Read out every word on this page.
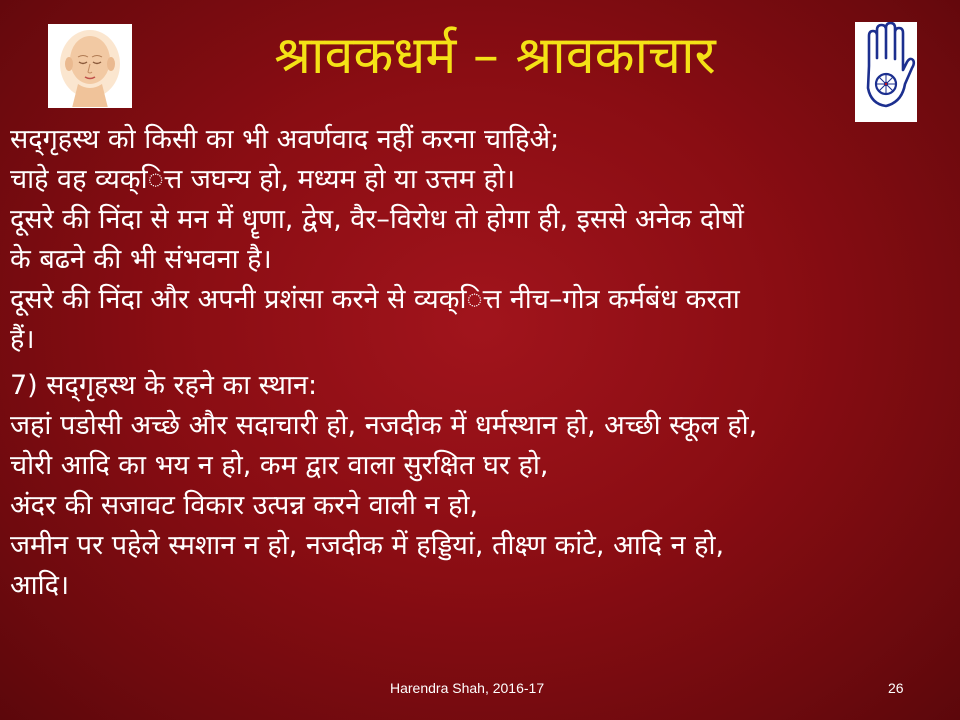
श्रावकधर्म – श्रावकाचार
सद्‌गृहस्थ को किसी का भी अवर्णवाद नहीं करना चाहिअे;
चाहे वह व्यक्ित्त जघन्य हो, मध्यम हो या उत्तम हो।
दूसरे की निंदा से मन में धॄणा, द्वेष, वैर–विरोध तो होगा ही, इससे अनेक दोषों
के बढने की भी संभवना है।
दूसरे की निंदा और अपनी प्रशंसा करने से व्यक्ित्त नीच–गोत्र कर्मबंध करता
हैं।
7) सद्‌गृहस्थ के रहने का स्थान:
जहां पडोसी अच्छे और सदाचारी हो, नजदीक में धर्मस्थान हो, अच्छी स्कूल हो,
चोरी आदि का भय न हो, कम द्वार वाला सुरक्षित घर हो,
अंदर की सजावट विकार उत्पन्न करने वाली न हो,
जमीन पर पहेले स्मशान न हो, नजदीक में हड्डियां, तीक्ष्ण कांटे, आदि न हो,
आदि।
Harendra Shah, 2016-17	26
